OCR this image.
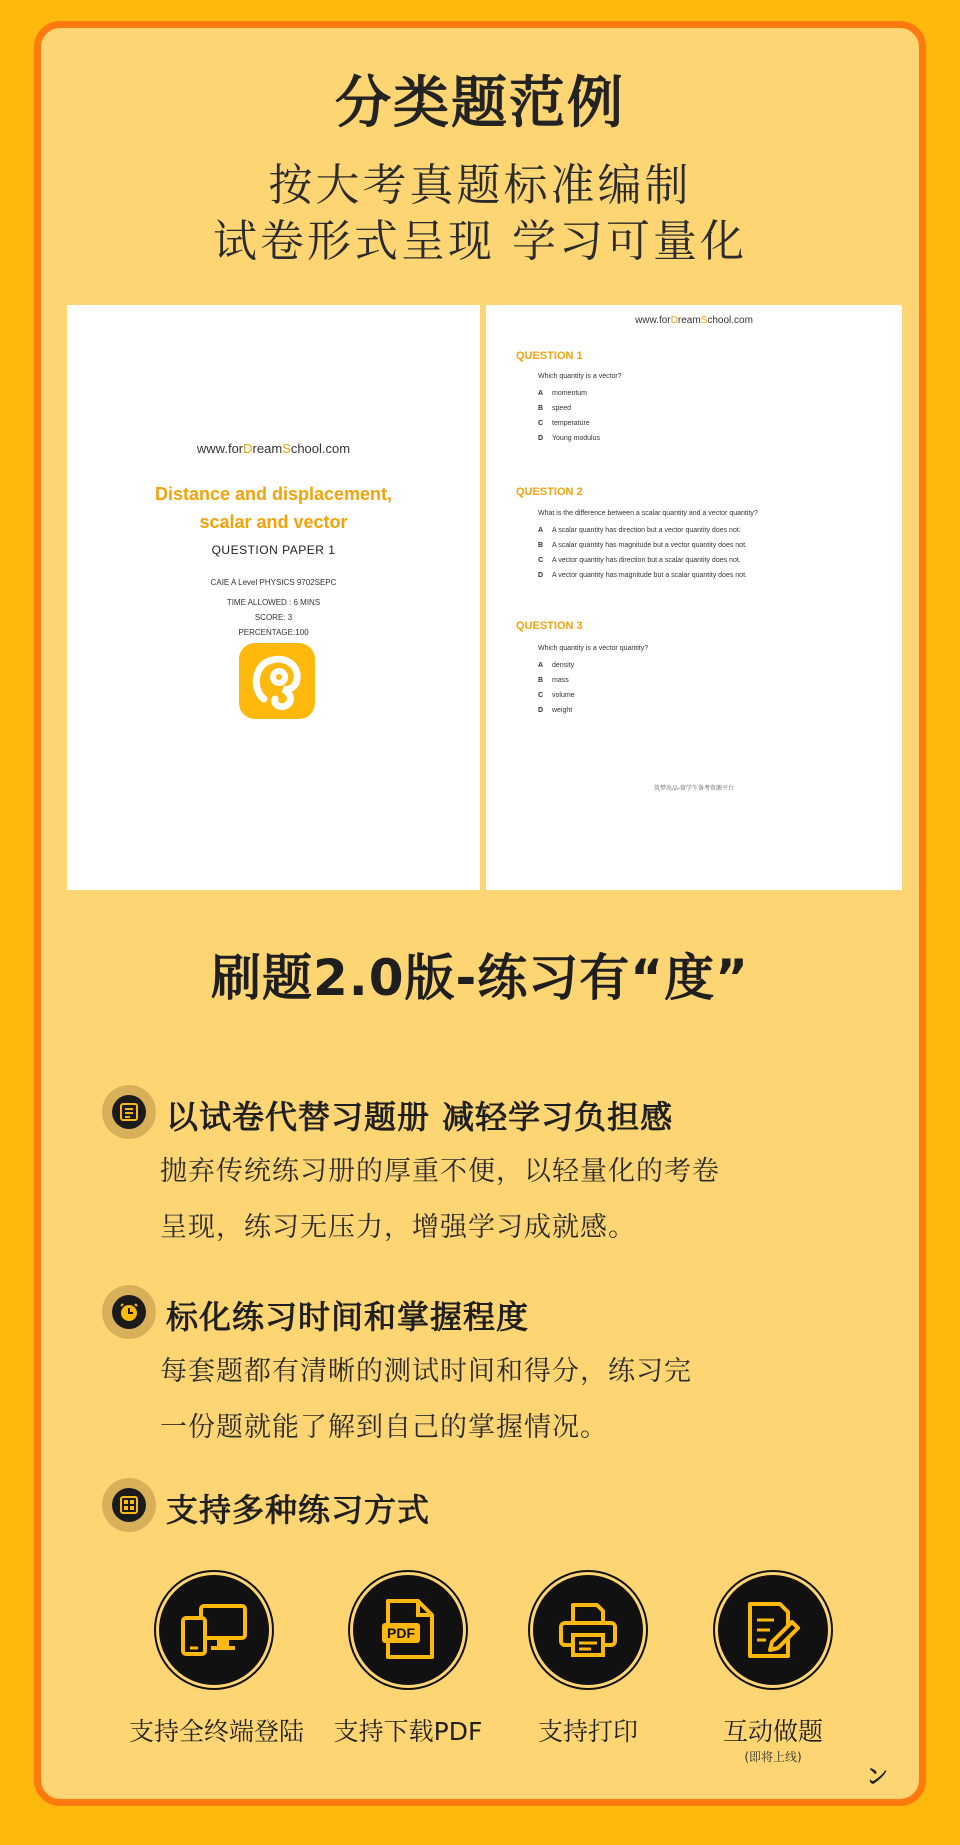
分类题范例
按大考真题标准编制
试卷形式呈现 学习可量化
www.forDreamSchool.com
Distance and displacement,
scalar and vector
QUESTION PAPER 1
CAIE A Level PHYSICS 9702SEPC
TIME ALLOWED : 6 MINS
SCORE: 3
PERCENTAGE:100
www.forDreamSchool.com
QUESTION 1
Which quantity is a vector?
A momentum
B speed
C temperature
D Young modulus
QUESTION 2
What is the difference between a scalar quantity and a vector quantity?
A A scalar quantity has direction but a vector quantity does not.
B A scalar quantity has magnitude but a vector quantity does not.
C A vector quantity has direction but a scalar quantity does not.
D A vector quantity has magnitude but a scalar quantity does not.
QUESTION 3
Which quantity is a vector quantity?
A density
B mass
C volume
D weight
筑梦出品-留学生备考资源平台
刷题2.0版-练习有“度”
以试卷代替习题册 减轻学习负担感
抛弃传统练习册的厚重不便，以轻量化的考卷
呈现，练习无压力，增强学习成就感。
标化练习时间和掌握程度
每套题都有清晰的测试时间和得分，练习完
一份题就能了解到自己的掌握情况。
支持多种练习方式
支持全终端登陆
PDF
支持下载PDF	支持打印	互动做题
(即将上线)
ン
